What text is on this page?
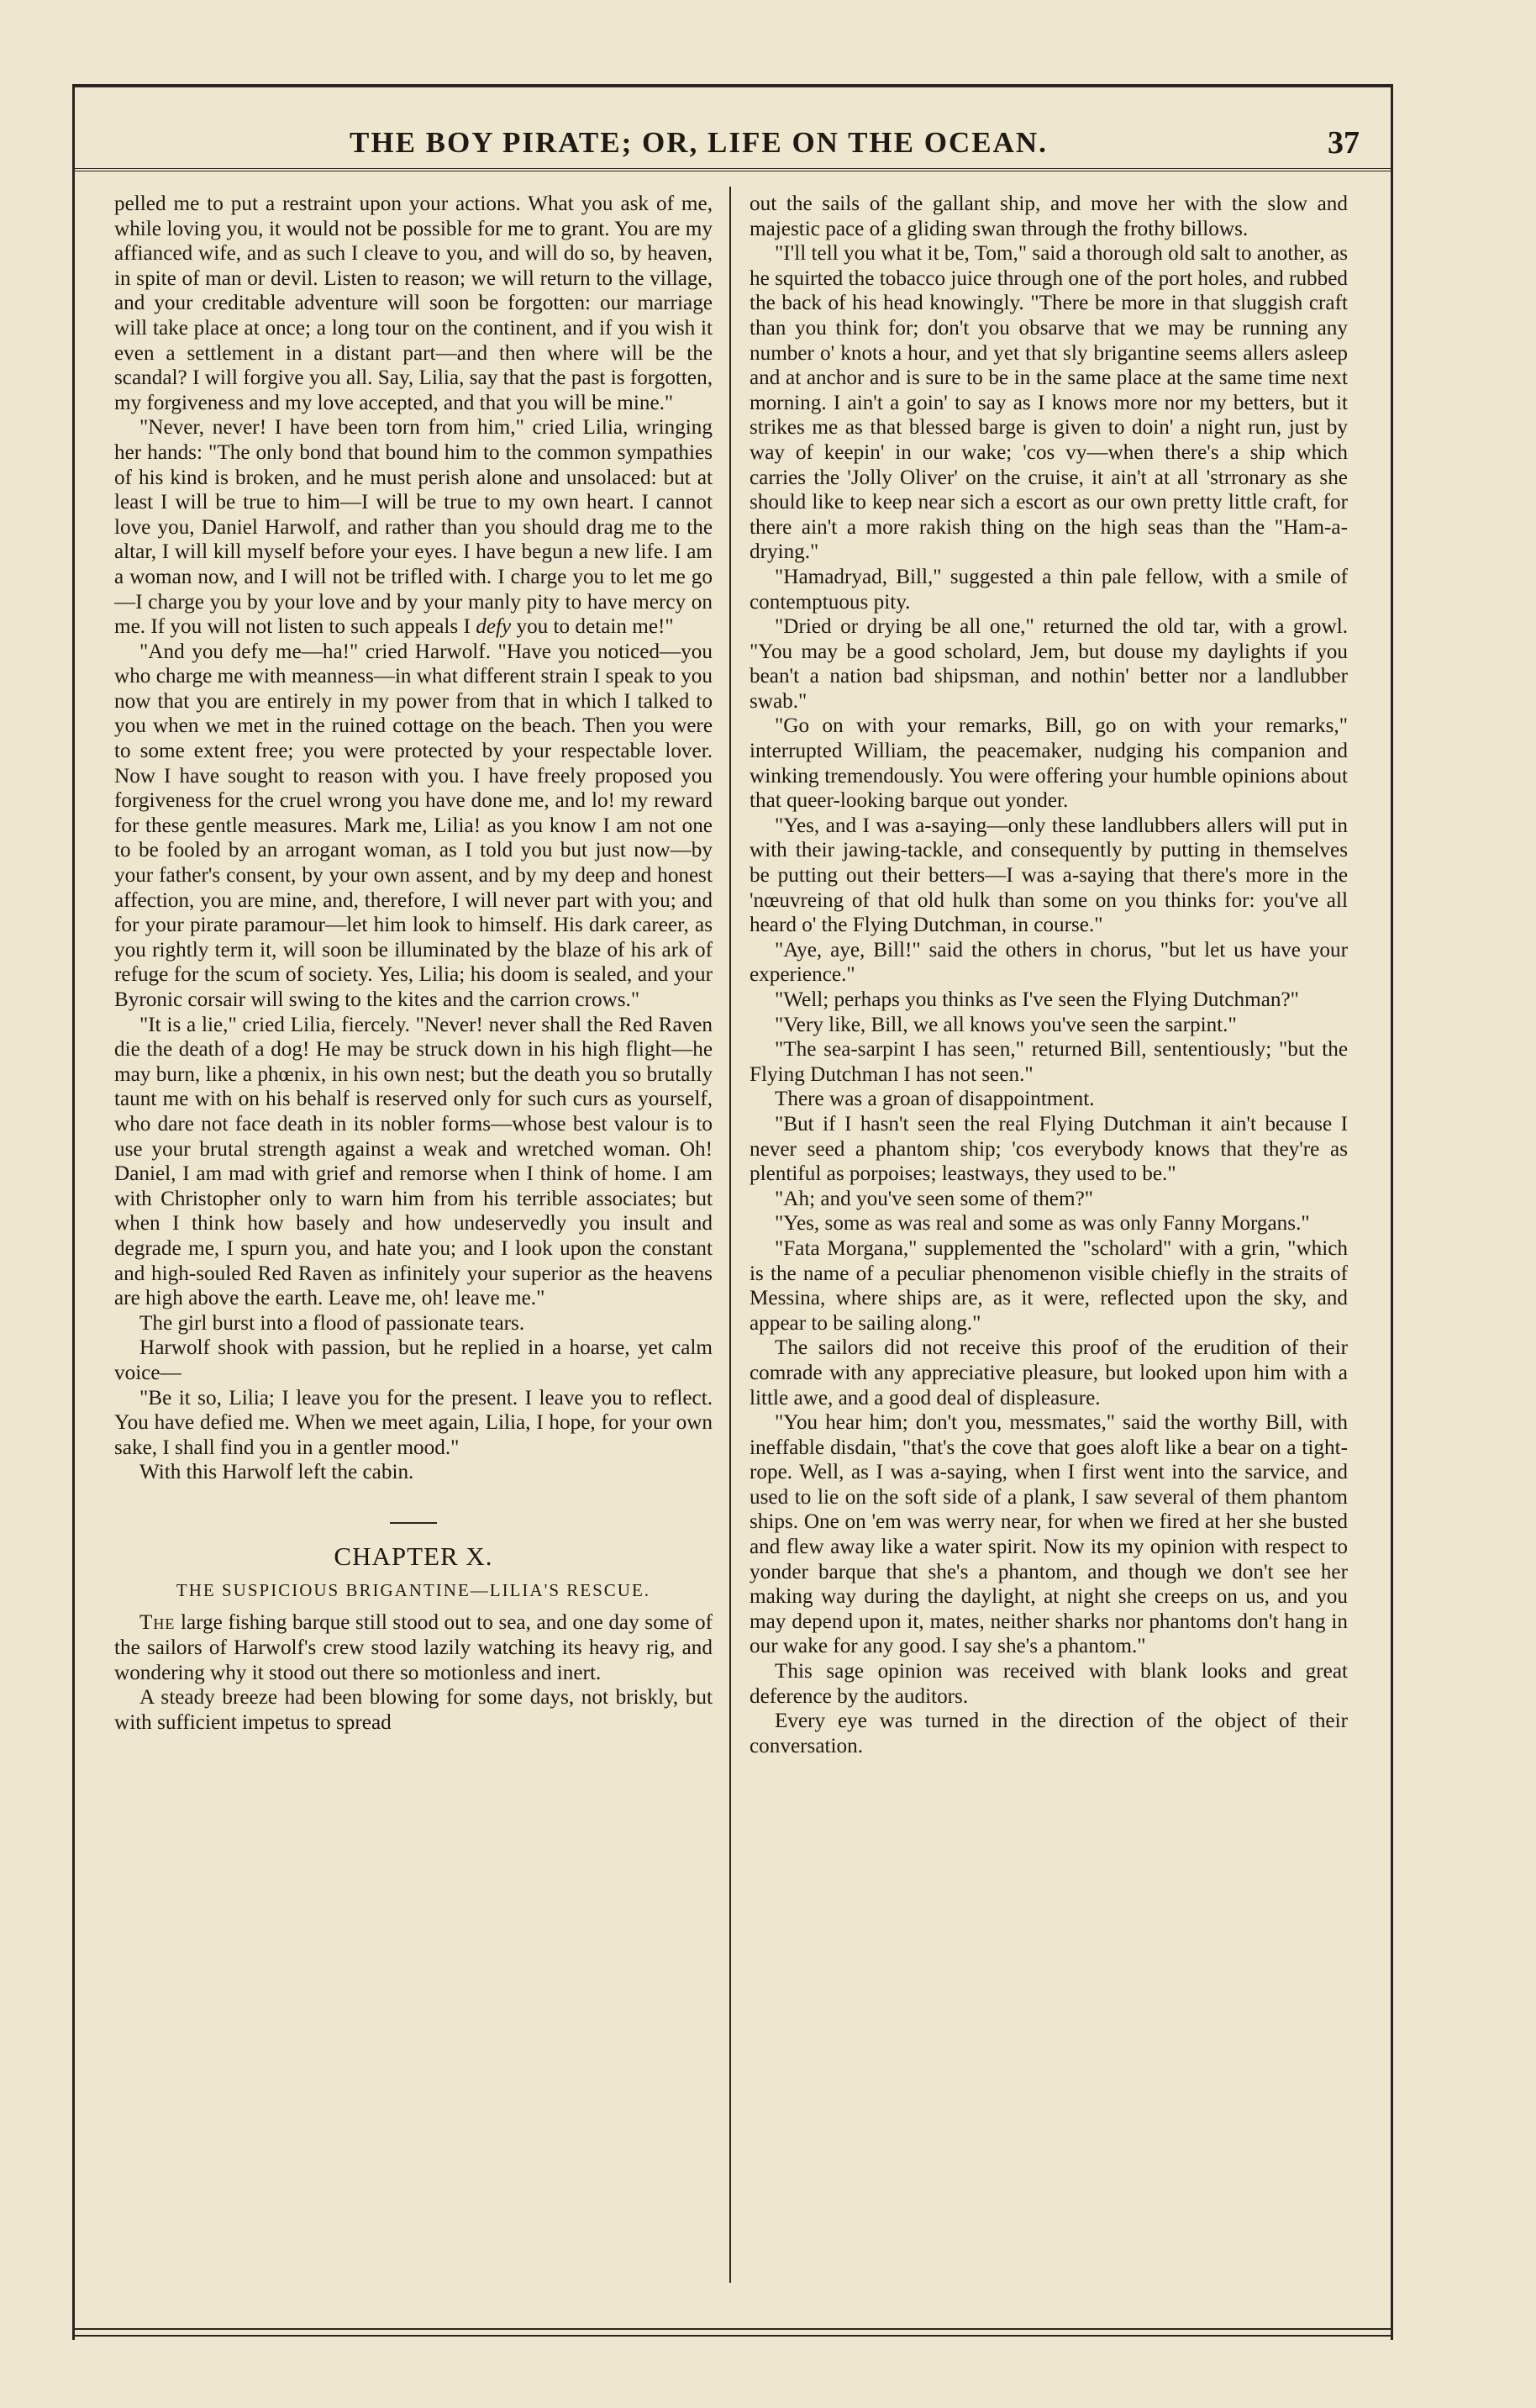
THE BOY PIRATE; OR, LIFE ON THE OCEAN.	37

pelled me to put a restraint upon your actions. What you ask of me, while loving you, it would not be possible for me to grant. You are my affianced wife, and as such I cleave to you, and will do so, by heaven, in spite of man or devil. Listen to reason; we will return to the village, and your creditable adventure will soon be forgotten: our marriage will take place at once; a long tour on the continent, and if you wish it even a settlement in a distant part—and then where will be the scandal? I will forgive you all. Say, Lilia, say that the past is forgotten, my forgiveness and my love accepted, and that you will be mine."

"Never, never! I have been torn from him," cried Lilia, wringing her hands: "The only bond that bound him to the common sympathies of his kind is broken, and he must perish alone and unsolaced: but at least I will be true to him—I will be true to my own heart. I cannot love you, Daniel Harwolf, and rather than you should drag me to the altar, I will kill myself before your eyes. I have begun a new life. I am a woman now, and I will not be trifled with. I charge you to let me go—I charge you by your love and by your manly pity to have mercy on me. If you will not listen to such appeals I defy you to detain me!"

"And you defy me—ha!" cried Harwolf. "Have you noticed—you who charge me with meanness—in what different strain I speak to you now that you are entirely in my power from that in which I talked to you when we met in the ruined cottage on the beach. Then you were to some extent free; you were protected by your respectable lover. Now I have sought to reason with you. I have freely proposed you forgiveness for the cruel wrong you have done me, and lo! my reward for these gentle measures. Mark me, Lilia! as you know I am not one to be fooled by an arrogant woman, as I told you but just now—by your father's consent, by your own assent, and by my deep and honest affection, you are mine, and, therefore, I will never part with you; and for your pirate paramour—let him look to himself. His dark career, as you rightly term it, will soon be illuminated by the blaze of his ark of refuge for the scum of society. Yes, Lilia; his doom is sealed, and your Byronic corsair will swing to the kites and the carrion crows."

"It is a lie," cried Lilia, fiercely. "Never! never shall the Red Raven die the death of a dog! He may be struck down in his high flight—he may burn, like a phœnix, in his own nest; but the death you so brutally taunt me with on his behalf is reserved only for such curs as yourself, who dare not face death in its nobler forms—whose best valour is to use your brutal strength against a weak and wretched woman. Oh! Daniel, I am mad with grief and remorse when I think of home. I am with Christopher only to warn him from his terrible associates; but when I think how basely and how undeservedly you insult and degrade me, I spurn you, and hate you; and I look upon the constant and high-souled Red Raven as infinitely your superior as the heavens are high above the earth. Leave me, oh! leave me."

The girl burst into a flood of passionate tears.

Harwolf shook with passion, but he replied in a hoarse, yet calm voice—

"Be it so, Lilia; I leave you for the present. I leave you to reflect. You have defied me. When we meet again, Lilia, I hope, for your own sake, I shall find you in a gentler mood."

With this Harwolf left the cabin.

CHAPTER X.
THE SUSPICIOUS BRIGANTINE—LILIA'S RESCUE.

The large fishing barque still stood out to sea, and one day some of the sailors of Harwolf's crew stood lazily watching its heavy rig, and wondering why it stood out there so motionless and inert.

A steady breeze had been blowing for some days, not briskly, but with sufficient impetus to spread

out the sails of the gallant ship, and move her with the slow and majestic pace of a gliding swan through the frothy billows.

"I'll tell you what it be, Tom," said a thorough old salt to another, as he squirted the tobacco juice through one of the port holes, and rubbed the back of his head knowingly. "There be more in that sluggish craft than you think for; don't you obsarve that we may be running any number o' knots a hour, and yet that sly brigantine seems allers asleep and at anchor and is sure to be in the same place at the same time next morning. I ain't a goin' to say as I knows more nor my betters, but it strikes me as that blessed barge is given to doin' a night run, just by way of keepin' in our wake; 'cos vy—when there's a ship which carries the 'Jolly Oliver' on the cruise, it ain't at all 'strronary as she should like to keep near sich a escort as our own pretty little craft, for there ain't a more rakish thing on the high seas than the "Ham-a-drying."

"Hamadryad, Bill," suggested a thin pale fellow, with a smile of contemptuous pity.

"Dried or drying be all one," returned the old tar, with a growl. "You may be a good scholard, Jem, but douse my daylights if you bean't a nation bad shipsman, and nothin' better nor a landlubber swab."

"Go on with your remarks, Bill, go on with your remarks," interrupted William, the peacemaker, nudging his companion and winking tremendously. You were offering your humble opinions about that queer-looking barque out yonder.

"Yes, and I was a-saying—only these landlubbers allers will put in with their jawing-tackle, and consequently by putting in themselves be putting out their betters—I was a-saying that there's more in the 'nœuvreing of that old hulk than some on you thinks for: you've all heard o' the Flying Dutchman, in course."

"Aye, aye, Bill!" said the others in chorus, "but let us have your experience."

"Well; perhaps you thinks as I've seen the Flying Dutchman?"

"Very like, Bill, we all knows you've seen the sarpint."

"The sea-sarpint I has seen," returned Bill, sententiously; "but the Flying Dutchman I has not seen."

There was a groan of disappointment.

"But if I hasn't seen the real Flying Dutchman it ain't because I never seed a phantom ship; 'cos everybody knows that they're as plentiful as porpoises; leastways, they used to be."

"Ah; and you've seen some of them?"

"Yes, some as was real and some as was only Fanny Morgans."

"Fata Morgana," supplemented the "scholard" with a grin, "which is the name of a peculiar phenomenon visible chiefly in the straits of Messina, where ships are, as it were, reflected upon the sky, and appear to be sailing along."

The sailors did not receive this proof of the erudition of their comrade with any appreciative pleasure, but looked upon him with a little awe, and a good deal of displeasure.

"You hear him; don't you, messmates," said the worthy Bill, with ineffable disdain, "that's the cove that goes aloft like a bear on a tight-rope. Well, as I was a-saying, when I first went into the sarvice, and used to lie on the soft side of a plank, I saw several of them phantom ships. One on 'em was werry near, for when we fired at her she busted and flew away like a water spirit. Now its my opinion with respect to yonder barque that she's a phantom, and though we don't see her making way during the daylight, at night she creeps on us, and you may depend upon it, mates, neither sharks nor phantoms don't hang in our wake for any good. I say she's a phantom."

This sage opinion was received with blank looks and great deference by the auditors.

Every eye was turned in the direction of the object of their conversation.
